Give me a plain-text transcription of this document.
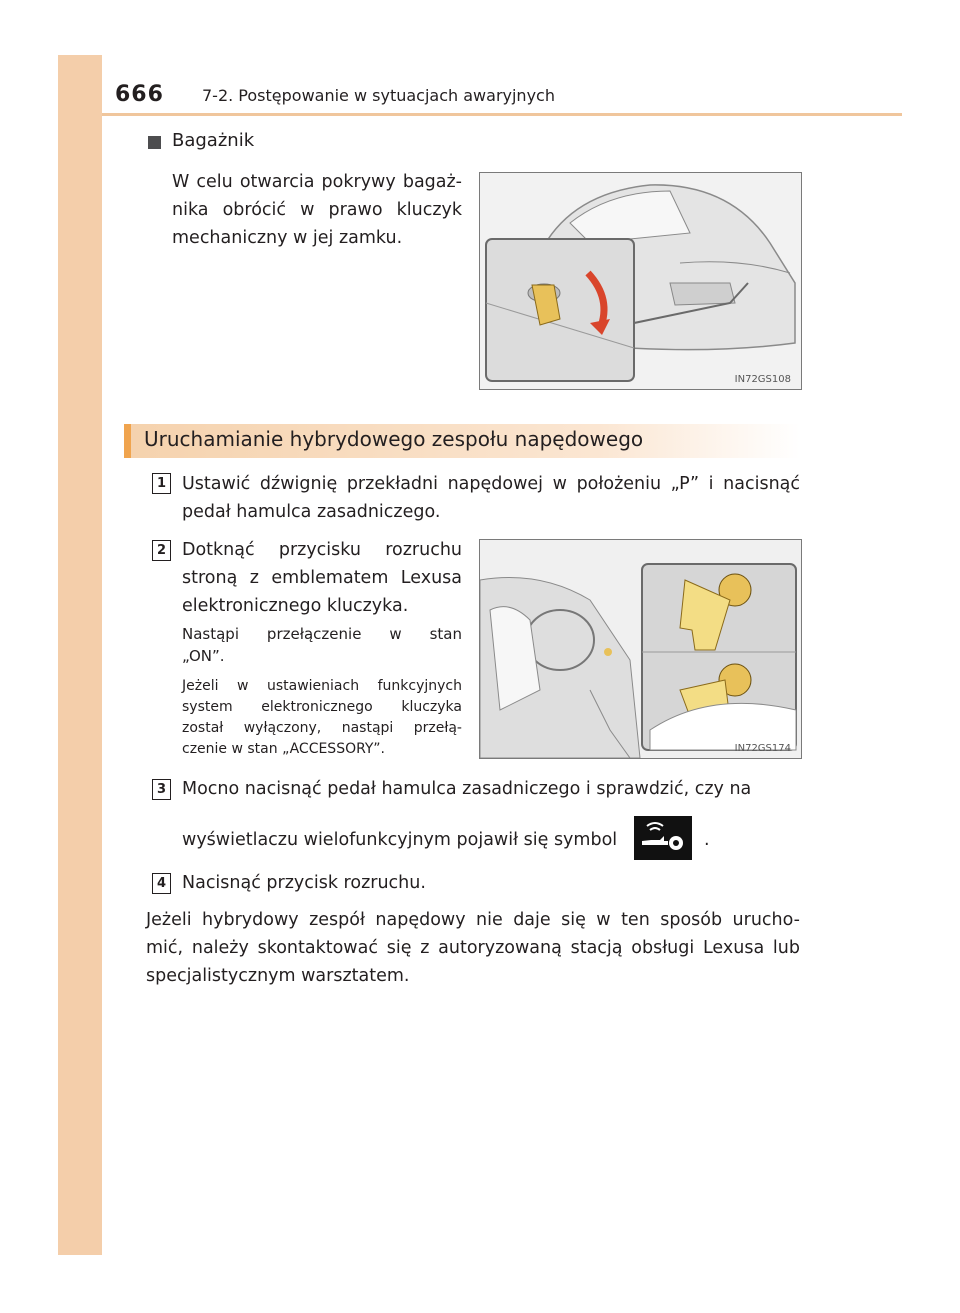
666 7-2. Postępowanie w sytuacjach awaryjnych
Bagażnik
W celu otwarcia pokrywy bagaż-
nika obrócić w prawo kluczyk
mechaniczny w jej zamku.
IN72GS108
Uruchamianie hybrydowego zespołu napędowego
1 Ustawić dźwignię przekładni napędowej w położeniu „P” i nacisnąć
pedał hamulca zasadniczego.
2 Dotknąć przycisku rozruchu
stroną z emblematem Lexusa
elektronicznego kluczyka.
Nastąpi przełączenie w stan
„ON”.
Jeżeli w ustawieniach funkcyjnych
system elektronicznego kluczyka
został wyłączony, nastąpi przełą-
czenie w stan „ACCESSORY”.	IN72GS174
3 Mocno nacisnąć pedał hamulca zasadniczego i sprawdzić, czy na
wyświetlaczu wielofunkcyjnym pojawił się symbol	.
4 Nacisnąć przycisk rozruchu.
Jeżeli hybrydowy zespół napędowy nie daje się w ten sposób urucho-
mić, należy skontaktować się z autoryzowaną stacją obsługi Lexusa lub
specjalistycznym warsztatem.
